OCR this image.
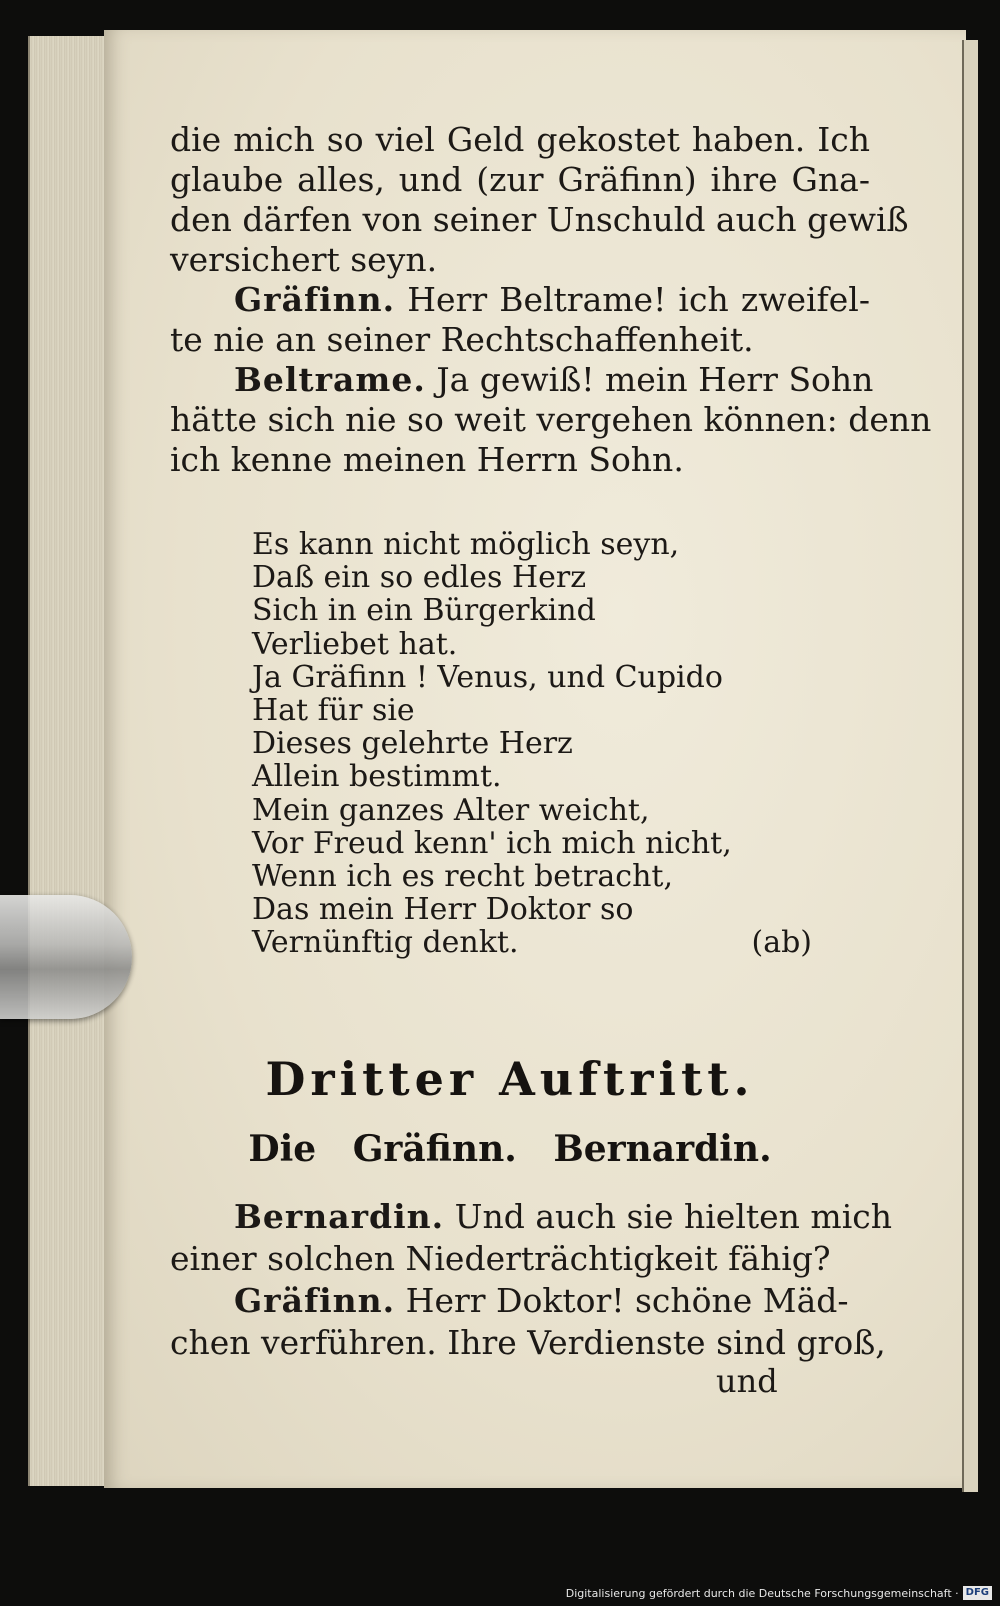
die mich so viel Geld gekostet haben. Ich
glaube alles, und (zur Gräfinn) ihre Gna-
den därfen von seiner Unschuld auch gewiß
versichert seyn.
Gräfinn. Herr Beltrame! ich zweifel-
te nie an seiner Rechtschaffenheit.
Beltrame. Ja gewiß! mein Herr Sohn
hätte sich nie so weit vergehen können: denn
ich kenne meinen Herrn Sohn.
Es kann nicht möglich seyn,
Daß ein so edles Herz
Sich in ein Bürgerkind
Verliebet hat.
Ja Gräfinn ! Venus, und Cupido
Hat für sie
Dieses gelehrte Herz
Allein bestimmt.
Mein ganzes Alter weicht,
Vor Freud kenn' ich mich nicht,
Wenn ich es recht betracht,
Das mein Herr Doktor so
Vernünftig denkt.	(ab)
Dritter Auftritt.
Die Gräfinn. Bernardin.
Bernardin. Und auch sie hielten mich
einer solchen Niederträchtigkeit fähig?
Gräfinn. Herr Doktor! schöne Mäd-
chen verführen. Ihre Verdienste sind groß,
und
Digitalisierung gefördert durch die Deutsche Forschungsgemeinschaft · DFG
